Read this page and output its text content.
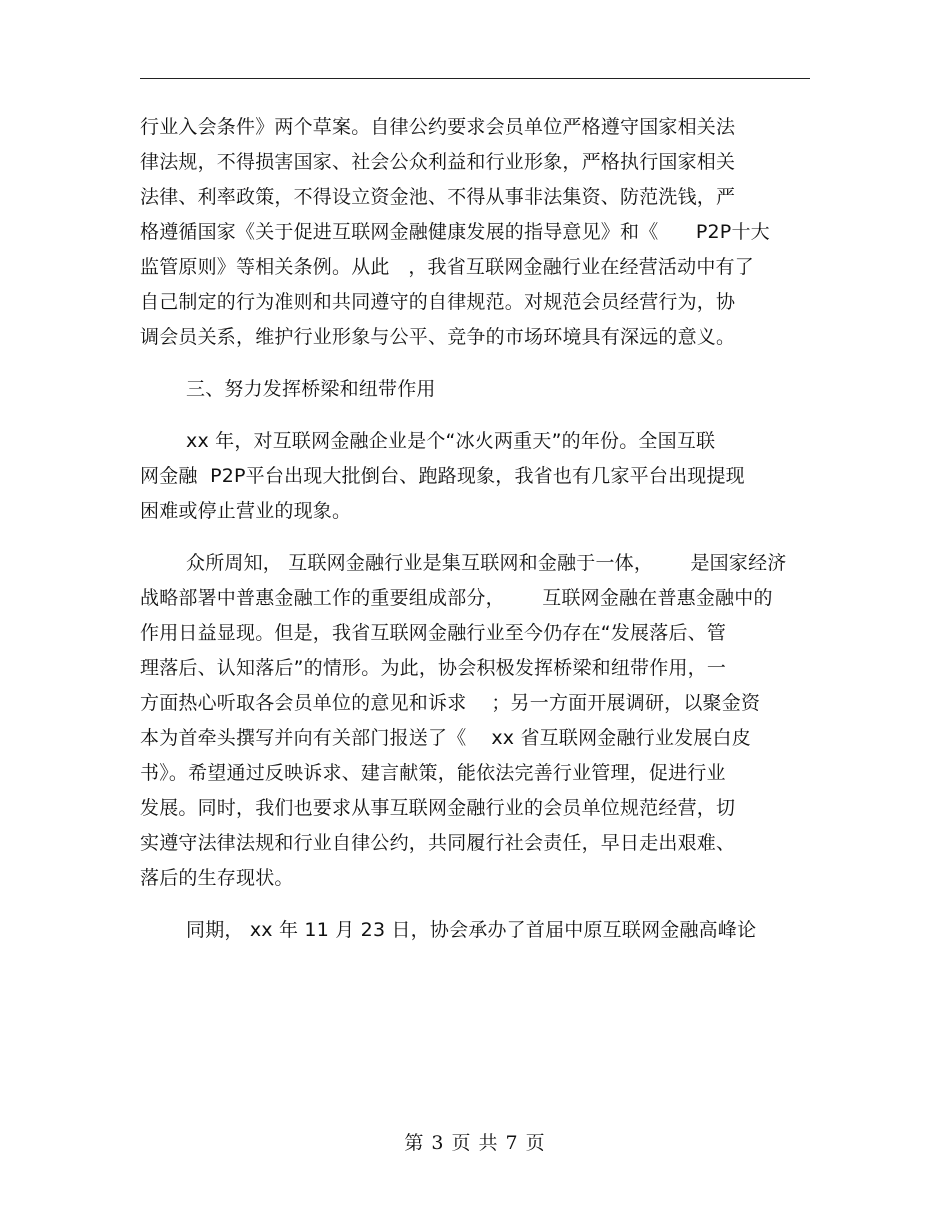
行业入会条件》两个草案。自律公约要求会员单位严格遵守国家相关法
律法规，不得损害国家、社会公众利益和行业形象，严格执行国家相关
法律、利率政策，不得设立资金池、不得从事非法集资、防范洗钱，严
格遵循国家《关于促进互联网金融健康发展的指导意见》和《      P2P十大
监管原则》等相关条例。从此   ，我省互联网金融行业在经营活动中有了
自己制定的行为准则和共同遵守的自律规范。对规范会员经营行为，协
调会员关系，维护行业形象与公平、竞争的市场环境具有深远的意义。
三、努力发挥桥梁和纽带作用
xx 年，对互联网金融企业是个“冰火两重天”的年份。全国互联
网金融  P2P平台出现大批倒台、跑路现象，我省也有几家平台出现提现
困难或停止营业的现象。
众所周知， 互联网金融行业是集互联网和金融于一体，      是国家经济
战略部署中普惠金融工作的重要组成部分，      互联网金融在普惠金融中的
作用日益显现。但是，我省互联网金融行业至今仍存在“发展落后、管
理落后、认知落后”的情形。为此，协会积极发挥桥梁和纽带作用，一
方面热心听取各会员单位的意见和诉求    ；另一方面开展调研，以聚金资
本为首牵头撰写并向有关部门报送了《    xx 省互联网金融行业发展白皮
书》。希望通过反映诉求、建言献策，能依法完善行业管理，促进行业
发展。同时，我们也要求从事互联网金融行业的会员单位规范经营，切
实遵守法律法规和行业自律公约，共同履行社会责任，早日走出艰难、
落后的生存现状。
同期， xx 年 11 月 23 日，协会承办了首届中原互联网金融高峰论
第 3 页 共 7 页
